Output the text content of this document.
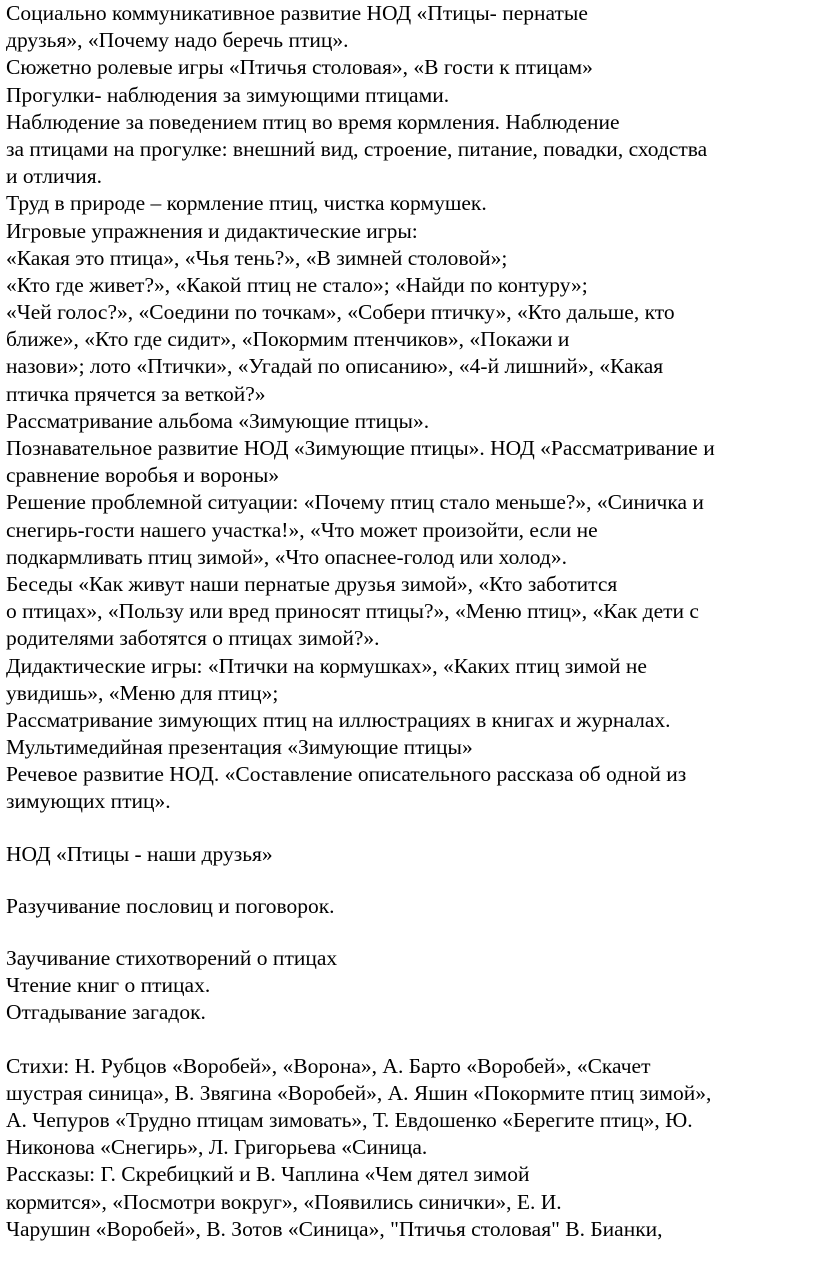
Социально коммуникативное развитие НОД «Птицы- пернатые

друзья», «Почему надо беречь птиц».

Сюжетно ролевые игры «Птичья столовая», «В гости к птицам»

Прогулки- наблюдения за зимующими птицами.

Наблюдение за поведением птиц во время кормления. Наблюдение

за птицами на прогулке: внешний вид, строение, питание, повадки, сходства

и отличия.

Труд в природе – кормление птиц, чистка кормушек.

Игровые упражнения и дидактические игры:

«Какая это птица», «Чья тень?», «В зимней столовой»;

«Кто где живет?», «Какой птиц не стало»; «Найди по контуру»;

«Чей голос?», «Соедини по точкам», «Собери птичку», «Кто дальше, кто

ближе», «Кто где сидит», «Покормим птенчиков», «Покажи и

назови»; лото «Птички», «Угадай по описанию», «4-й лишний», «Какая

птичка прячется за веткой?»

Рассматривание альбома «Зимующие птицы».

Познавательное развитие НОД «Зимующие птицы». НОД «Рассматривание и

сравнение воробья и вороны»

Решение проблемной ситуации: «Почему птиц стало меньше?», «Синичка и

снегирь-гости нашего участка!», «Что может произойти, если не

подкармливать птиц зимой», «Что опаснее-голод или холод».

Беседы «Как живут наши пернатые друзья зимой», «Кто заботится

о птицах», «Пользу или вред приносят птицы?», «Меню птиц», «Как дети с

родителями заботятся о птицах зимой?».

Дидактические игры: «Птички на кормушках», «Каких птиц зимой не

увидишь», «Меню для птиц»;

Рассматривание зимующих птиц на иллюстрациях в книгах и журналах.

Мультимедийная презентация «Зимующие птицы»

Речевое развитие НОД. «Составление описательного рассказа об одной из

зимующих птиц».

НОД «Птицы - наши друзья»

Разучивание пословиц и поговорок.

Заучивание стихотворений о птицах

Чтение книг о птицах.

Отгадывание загадок.

Стихи: Н. Рубцов «Воробей», «Ворона», А. Барто «Воробей», «Скачет

шустрая синица», В. Звягина «Воробей», А. Яшин «Покормите птиц зимой»,

А. Чепуров «Трудно птицам зимовать», Т. Евдошенко «Берегите птиц», Ю.

Никонова «Снегирь», Л. Григорьева «Синица.

Рассказы: Г. Скребицкий и В. Чаплина «Чем дятел зимой

кормится», «Посмотри вокруг», «Появились синички», Е. И.

Чарушин «Воробей», В. Зотов «Синица», "Птичья столовая" В. Бианки,
